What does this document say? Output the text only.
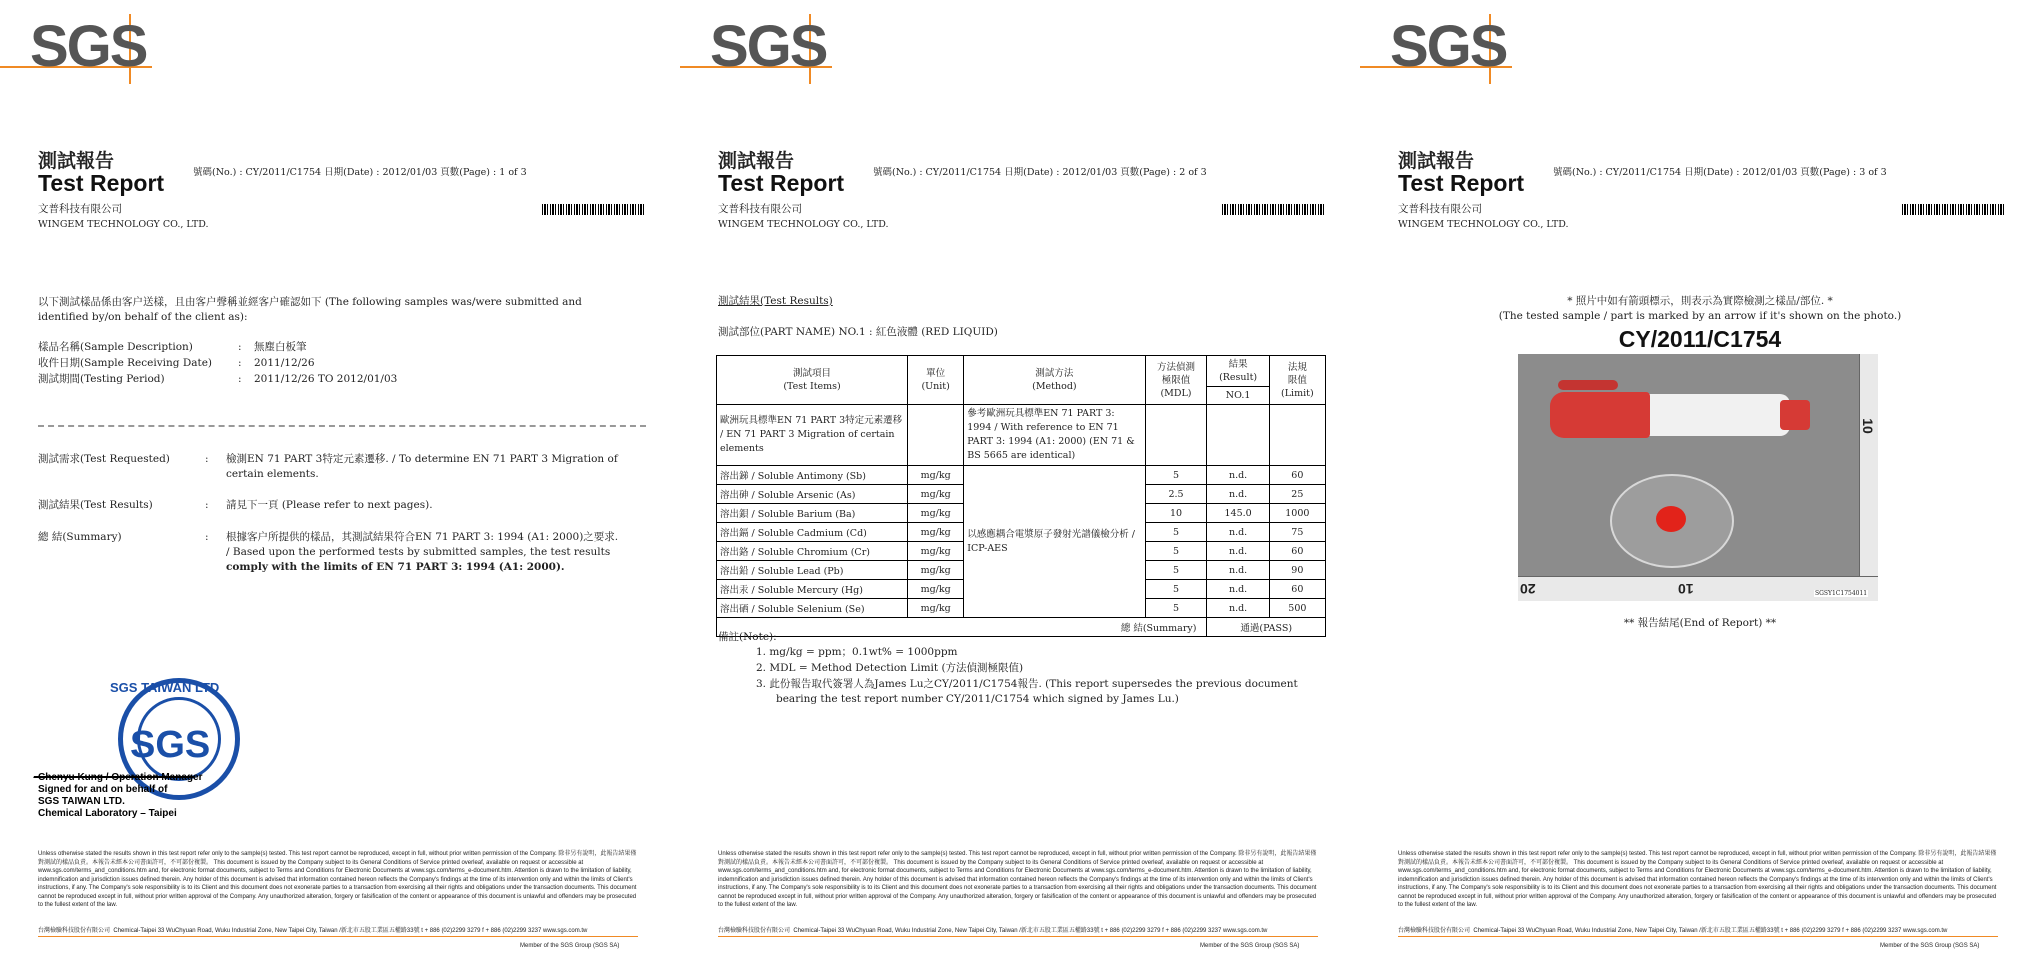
SGS
測試報告
Test Report	號碼(No.) : CY/2011/C1754 日期(Date) : 2012/01/03 頁數(Page) : 1 of 3
文普科技有限公司
WINGEM TECHNOLOGY CO., LTD.
以下測試樣品係由客户送樣，且由客户聲稱並經客户確認如下 (The following samples was/were submitted and
identified by/on behalf of the client as):
樣品名稱(Sample Description)	: 無塵白板筆
收件日期(Sample Receiving Date) : 2011/12/26
測試期間(Testing Period)	: 2011/12/26 TO 2012/01/03
測試需求(Test Requested)	: 檢測EN 71 PART 3特定元素遷移. / To determine EN 71 PART 3 Migration of
certain elements.
測試結果(Test Results)	: 請見下一頁 (Please refer to next pages).
總 結(Summary)	: 根據客户所提供的樣品，其測試結果符合EN 71 PART 3: 1994 (A1: 2000)之要求.
/ Based upon the performed tests by submitted samples, the test results
comply with the limits of EN 71 PART 3: 1994 (A1: 2000).
SGS TAIWAN LTD
SGS
Chenyu Kung / Operation Manager
Signed for and on behalf of
SGS TAIWAN LTD.
Chemical Laboratory – Taipei
Unless otherwise stated the results shown in this test report refer only to the sample(s) tested. This test report cannot be reproduced, except in full, without prior written permission of the Company. 除非另有說明，此報告結果僅對測試的樣品負責。本報告未經本公司書面許可，不可部份複製。 This document is issued by the Company subject to its General Conditions of Service printed overleaf, available on request or accessible at www.sgs.com/terms_and_conditions.htm and, for electronic format documents, subject to Terms and Conditions for Electronic Documents at www.sgs.com/terms_e-document.htm. Attention is drawn to the limitation of liability, indemnification and jurisdiction issues defined therein. Any holder of this document is advised that information contained hereon reflects the Company's findings at the time of its intervention only and within the limits of Client's instructions, if any. The Company's sole responsibility is to its Client and this document does not exonerate parties to a transaction from exercising all their rights and obligations under the transaction documents. This document cannot be reproduced except in full, without prior written approval of the Company. Any unauthorized alteration, forgery or falsification of the content or appearance of this document is unlawful and offenders may be prosecuted to the fullest extent of the law.
台灣檢驗科技股份有限公司 Chemical-Taipei 33 WuChyuan Road, Wuku Industrial Zone, New Taipei City, Taiwan /新北市五股工業區五權路33號 t + 886 (02)2299 3279 f + 886 (02)2299 3237 www.sgs.com.tw
Member of the SGS Group (SGS SA)
SGS
測試報告
Test Report	號碼(No.) : CY/2011/C1754 日期(Date) : 2012/01/03 頁數(Page) : 2 of 3
文普科技有限公司
WINGEM TECHNOLOGY CO., LTD.
測試結果(Test Results)
測試部位(PART NAME) NO.1 : 紅色液體 (RED LIQUID)
測試項目
(Test Items)	單位
(Unit)	測試方法
(Method)	方法偵測
極限值
(MDL)	結果
(Result)	法規
限值
(Limit)
				NO.1	
歐洲玩具標準EN 71 PART 3特定元素遷移 / EN 71 PART 3 Migration of certain elements		參考歐洲玩具標準EN 71 PART 3: 1994 / With reference to EN 71 PART 3: 1994 (A1: 2000) (EN 71 & BS 5665 are identical)			
溶出銻 / Soluble Antimony (Sb)	mg/kg	以感應耦合電漿原子發射光譜儀檢分析 / ICP-AES	5	n.d.	60
溶出砷 / Soluble Arsenic (As)	mg/kg		2.5	n.d.	25
溶出鋇 / Soluble Barium (Ba)	mg/kg		10	145.0	1000
溶出鎘 / Soluble Cadmium (Cd)	mg/kg		5	n.d.	75
溶出鉻 / Soluble Chromium (Cr)	mg/kg		5	n.d.	60
溶出鉛 / Soluble Lead (Pb)	mg/kg		5	n.d.	90
溶出汞 / Soluble Mercury (Hg)	mg/kg		5	n.d.	60
溶出硒 / Soluble Selenium (Se)	mg/kg		5	n.d.	500
總 結(Summary)				通過(PASS)	
備註(Note):
1. mg/kg = ppm；0.1wt% = 1000ppm
2. MDL = Method Detection Limit (方法偵測極限值)
3. 此份報告取代簽署人為James Lu之CY/2011/C1754報告. (This report supersedes the previous document
bearing the test report number CY/2011/C1754 which signed by James Lu.)
Unless otherwise stated the results shown in this test report refer only to the sample(s) tested. This test report cannot be reproduced, except in full, without prior written permission of the Company. 除非另有說明，此報告結果僅對測試的樣品負責。本報告未經本公司書面許可，不可部份複製。 This document is issued by the Company subject to its General Conditions of Service printed overleaf, available on request or accessible at www.sgs.com/terms_and_conditions.htm and, for electronic format documents, subject to Terms and Conditions for Electronic Documents at www.sgs.com/terms_e-document.htm. Attention is drawn to the limitation of liability, indemnification and jurisdiction issues defined therein. Any holder of this document is advised that information contained hereon reflects the Company's findings at the time of its intervention only and within the limits of Client's instructions, if any. The Company's sole responsibility is to its Client and this document does not exonerate parties to a transaction from exercising all their rights and obligations under the transaction documents. This document cannot be reproduced except in full, without prior written approval of the Company. Any unauthorized alteration, forgery or falsification of the content or appearance of this document is unlawful and offenders may be prosecuted to the fullest extent of the law.
台灣檢驗科技股份有限公司 Chemical-Taipei 33 WuChyuan Road, Wuku Industrial Zone, New Taipei City, Taiwan /新北市五股工業區五權路33號 t + 886 (02)2299 3279 f + 886 (02)2299 3237 www.sgs.com.tw
Member of the SGS Group (SGS SA)
SGS
測試報告
Test Report	號碼(No.) : CY/2011/C1754 日期(Date) : 2012/01/03 頁數(Page) : 3 of 3
文普科技有限公司
WINGEM TECHNOLOGY CO., LTD.
* 照片中如有箭頭標示，則表示為實際檢測之樣品/部位. *
(The tested sample / part is marked by an arrow if it's shown on the photo.)
CY/2011/C1754
10
10
20	SGSY1C1754011
** 報告結尾(End of Report) **
Unless otherwise stated the results shown in this test report refer only to the sample(s) tested. This test report cannot be reproduced, except in full, without prior written permission of the Company. 除非另有說明，此報告結果僅對測試的樣品負責。本報告未經本公司書面許可，不可部份複製。 This document is issued by the Company subject to its General Conditions of Service printed overleaf, available on request or accessible at www.sgs.com/terms_and_conditions.htm and, for electronic format documents, subject to Terms and Conditions for Electronic Documents at www.sgs.com/terms_e-document.htm. Attention is drawn to the limitation of liability, indemnification and jurisdiction issues defined therein. Any holder of this document is advised that information contained hereon reflects the Company's findings at the time of its intervention only and within the limits of Client's instructions, if any. The Company's sole responsibility is to its Client and this document does not exonerate parties to a transaction from exercising all their rights and obligations under the transaction documents. This document cannot be reproduced except in full, without prior written approval of the Company. Any unauthorized alteration, forgery or falsification of the content or appearance of this document is unlawful and offenders may be prosecuted to the fullest extent of the law.
台灣檢驗科技股份有限公司 Chemical-Taipei 33 WuChyuan Road, Wuku Industrial Zone, New Taipei City, Taiwan /新北市五股工業區五權路33號 t + 886 (02)2299 3279 f + 886 (02)2299 3237 www.sgs.com.tw
Member of the SGS Group (SGS SA)
